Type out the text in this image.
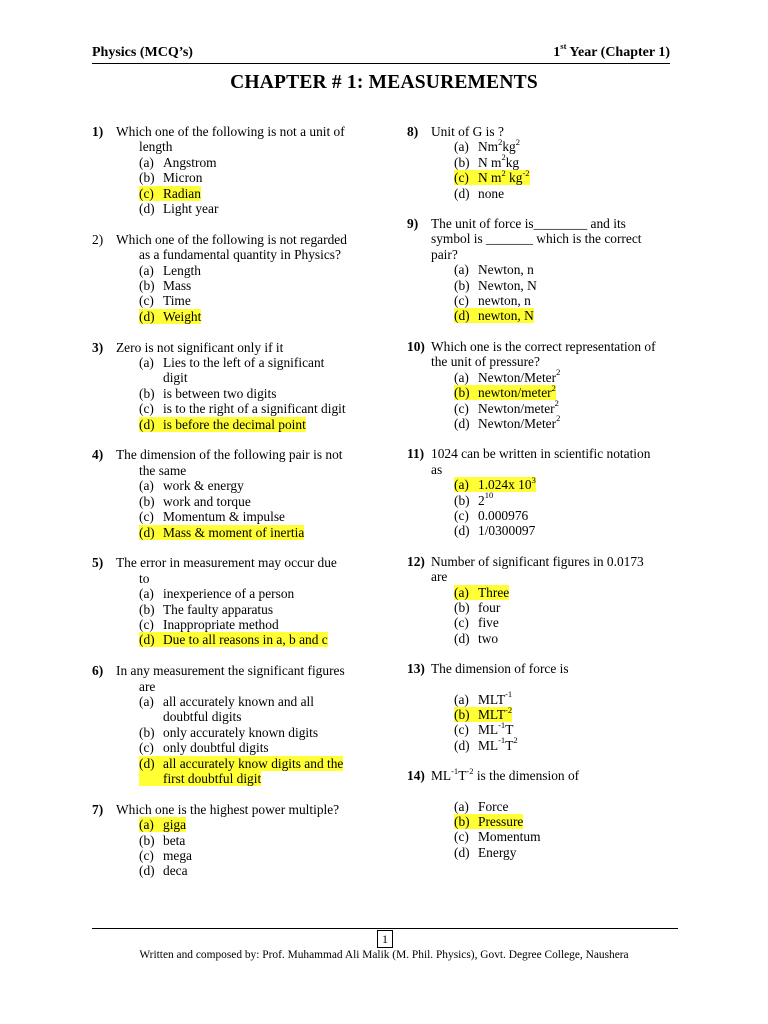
Physics (MCQ’s)	1st Year (Chapter 1)
CHAPTER # 1: MEASUREMENTS
1) Which one of the following is not a unit of
length
(a) Angstrom
(b) Micron
(c) Radian
(d) Light year
2) Which one of the following is not regarded
as a fundamental quantity in Physics?
(a) Length
(b) Mass
(c) Time
(d) Weight
3) Zero is not significant only if it
(a) Lies to the left of a significant
digit
(b) is between two digits
(c) is to the right of a significant digit
(d) is before the decimal point
4) The dimension of the following pair is not
the same
(a) work & energy
(b) work and torque
(c) Momentum & impulse
(d) Mass & moment of inertia
5) The error in measurement may occur due
to
(a) inexperience of a person
(b) The faulty apparatus
(c) Inappropriate method
(d) Due to all reasons in a, b and c
6) In any measurement the significant figures
are
(a) all accurately known and all
doubtful digits
(b) only accurately known digits
(c) only doubtful digits
(d) all accurately know digits and the
first doubtful digit
7) Which one is the highest power multiple?
(a) giga
(b) beta
(c) mega
(d) deca
8) Unit of G is ?
(a) $Nm^2kg^2$
(b) N $m^2kg$
(c) N $m^2$ $kg^{-2}$
(d) none
9) The unit of force is________ and its
symbol is _______ which is the correct
pair?
(a) Newton, n
(b) Newton, N
(c) newton, n
(d) newton, N
10) Which one is the correct representation of
the unit of pressure?
(a) Newton/Meter$^2$
(b) newton/meter$^2$
(c) Newton/meter$^2$
(d) Newton/Meter$^2$
11) 1024 can be written in scientific notation
as
(a) 1.024x $10^3$
(b) $2^{10}$
(c) 0.000976
(d) 1/0300097
12) Number of significant figures in 0.0173
are
(a) Three
(b) four
(c) five
(d) two
13) The dimension of force is
(a) $MLT^{-1}$
(b) $MLT^{-2}$
(c) $ML^{-1}T$
(d) $ML^{-1}T^2$
14) $ML^{-1}T^{-2}$ is the dimension of
(a) Force
(b) Pressure
(c) Momentum
(d) Energy
1
Written and composed by: Prof. Muhammad Ali Malik (M. Phil. Physics), Govt. Degree College, Naushera
